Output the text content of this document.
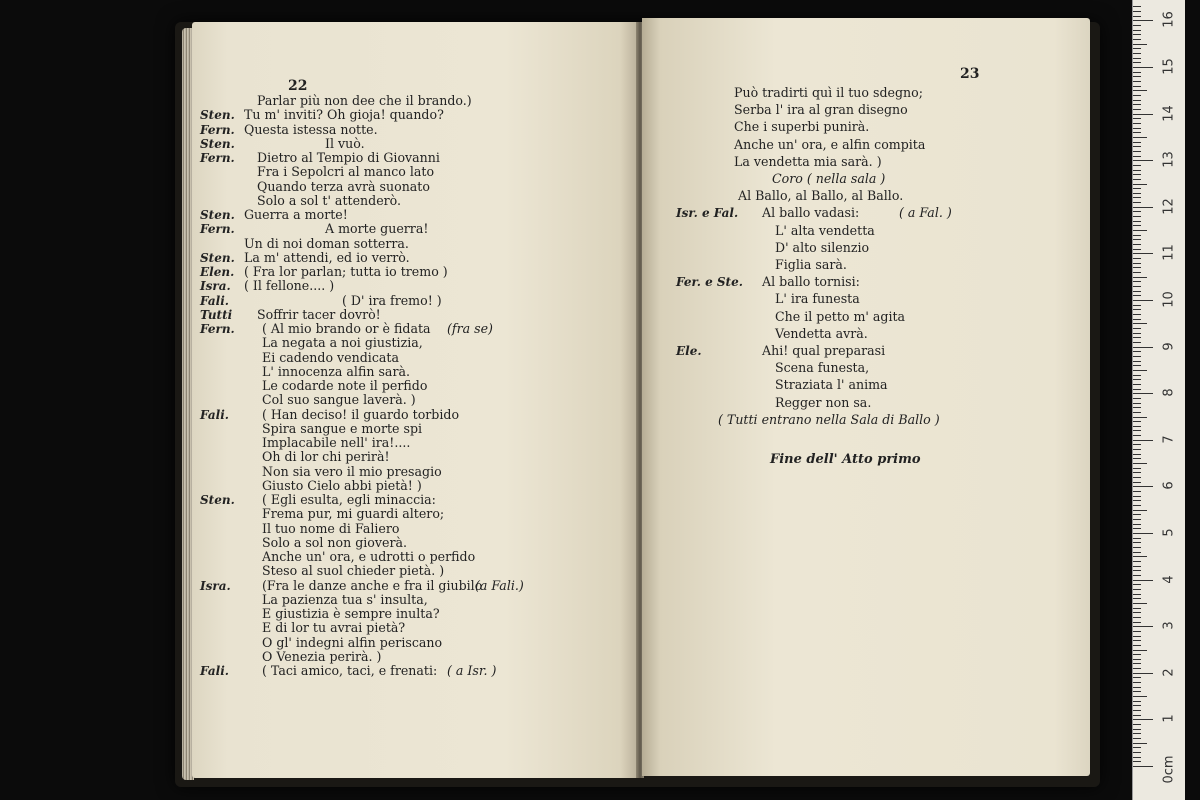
22
Parlar più non dee che il brando.)
Sten. Tu m' inviti? Oh gioja! quando?
Fern. Questa istessa notte.
Sten.	Il vuò.
Fern.	Dietro al Tempio di Giovanni
Fra i Sepolcri al manco lato
Quando terza avrà suonato
Solo a sol t' attenderò.
Sten. Guerra a morte!
Fern.	A morte guerra!
Un di noi doman sotterra.
Sten. La m' attendi, ed io verrò.
Elen. ( Fra lor parlan; tutta io tremo )
Isra.	( Il fellone.... )
Fali.	( D' ira fremo! )
Tutti	Soffrir tacer dovrò!
Fern.	( Al mio brando or è fidata (fra se)
La negata a noi giustizia,
Ei cadendo vendicata
L' innocenza alfin sarà.
Le codarde note il perfido
Col suo sangue laverà. )
Fali.	( Han deciso! il guardo torbido
Spira sangue e morte spi
Implacabile nell' ira!....
Oh di lor chi perirà!
Non sia vero il mio presagio
Giusto Cielo abbi pietà! )
Sten.	( Egli esulta, egli minaccia:
Frema pur, mi guardi altero;
Il tuo nome di Faliero
Solo a sol non gioverà.
Anche un' ora, e udrotti o perfido
Steso al suol chieder pietà. )
Isra.	(Fra le danze anche e fra il giubilo
(a Fali.)
La pazienza tua s' insulta,
E giustizia è sempre inulta?
E di lor tu avrai pietà?
O gl' indegni alfin periscano
O Venezia perirà. )
Fali.	( Taci amico, taci, e frenati: ( a Isr. )
23
Può tradirti quì il tuo sdegno;
Serba l' ira al gran disegno
Che i superbi punirà.
Anche un' ora, e alfin compita
La vendetta mia sarà. )
Coro ( nella sala )
Al Ballo, al Ballo, al Ballo.
Isr. e Fal.	Al ballo vadasi:	( a Fal. )
L' alta vendetta
D' alto silenzio
Figlia sarà.
Fer. e Ste.	Al ballo tornisi:
L' ira funesta
Che il petto m' agita
Vendetta avrà.
Ele.	Ahi! qual preparasi
Scena funesta,
Straziata l' anima
Regger non sa.
( Tutti entrano nella Sala di Ballo )
Fine dell' Atto primo
16
15
14
13
12
11
10
9
8
7
6
5
4
3
2
1
0cm
